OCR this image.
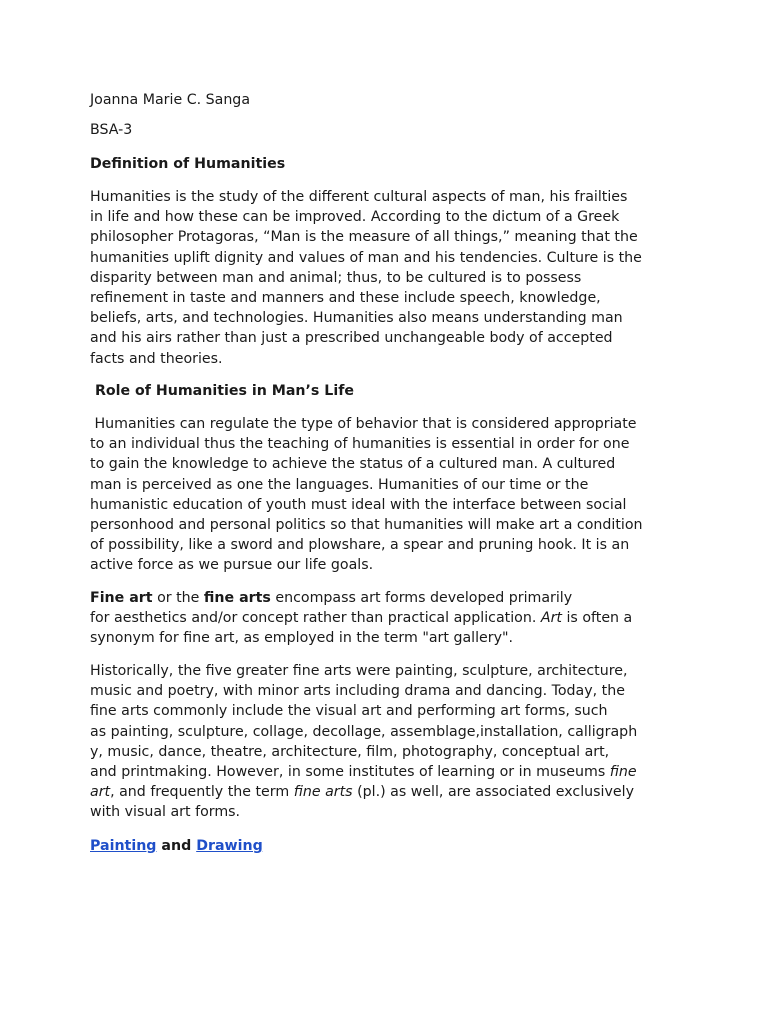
Joanna Marie C. Sanga
BSA-3
Definition of Humanities
Humanities is the study of the different cultural aspects of man, his frailties
in life and how these can be improved. According to the dictum of a Greek
philosopher Protagoras, “Man is the measure of all things,” meaning that the
humanities uplift dignity and values of man and his tendencies. Culture is the
disparity between man and animal; thus, to be cultured is to possess
refinement in taste and manners and these include speech, knowledge,
beliefs, arts, and technologies. Humanities also means understanding man
and his airs rather than just a prescribed unchangeable body of accepted
facts and theories.
Role of Humanities in Man’s Life
Humanities can regulate the type of behavior that is considered appropriate
to an individual thus the teaching of humanities is essential in order for one
to gain the knowledge to achieve the status of a cultured man. A cultured
man is perceived as one the languages. Humanities of our time or the
humanistic education of youth must ideal with the interface between social
personhood and personal politics so that humanities will make art a condition
of possibility, like a sword and plowshare, a spear and pruning hook. It is an
active force as we pursue our life goals.
Fine art or the fine arts encompass art forms developed primarily
for aesthetics and/or concept rather than practical application. Art is often a
synonym for fine art, as employed in the term "art gallery".
Historically, the five greater fine arts were painting, sculpture, architecture,
music and poetry, with minor arts including drama and dancing. Today, the
fine arts commonly include the visual art and performing art forms, such
as painting, sculpture, collage, decollage, assemblage,installation, calligraph
y, music, dance, theatre, architecture, film, photography, conceptual art,
and printmaking. However, in some institutes of learning or in museums fine
art, and frequently the term fine arts (pl.) as well, are associated exclusively
with visual art forms.
Painting and Drawing
